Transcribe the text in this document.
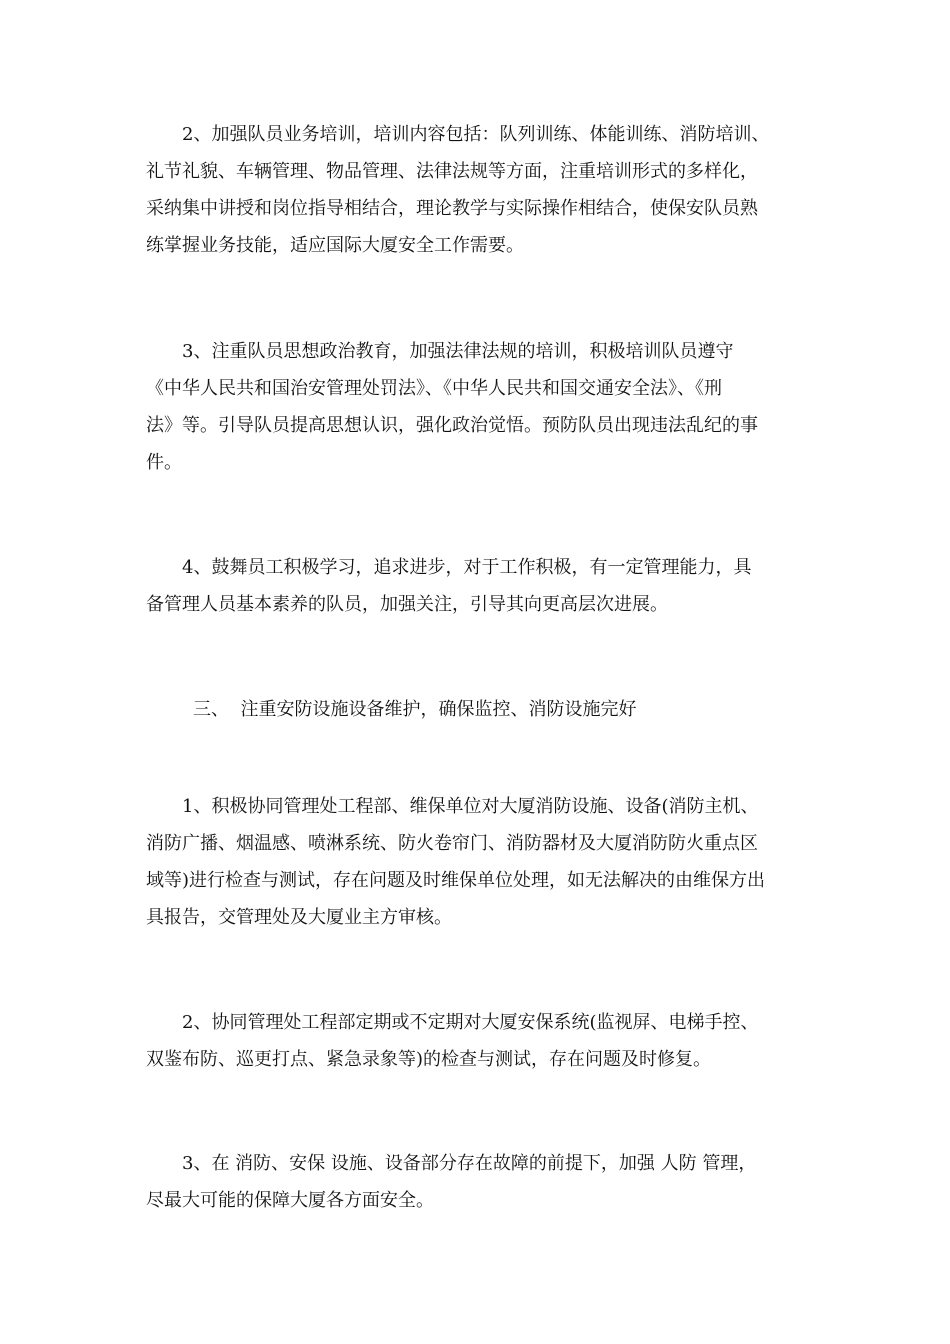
　　2、加强队员业务培训，培训内容包括：队列训练、体能训练、消防培训、
礼节礼貌、车辆管理、物品管理、法律法规等方面，注重培训形式的多样化，
采纳集中讲授和岗位指导相结合，理论教学与实际操作相结合，使保安队员熟
练掌握业务技能，适应国际大厦安全工作需要。
　　3、注重队员思想政治教育，加强法律法规的培训，积极培训队员遵守
《中华人民共和国治安管理处罚法》、《中华人民共和国交通安全法》、《刑
法》等。引导队员提高思想认识，强化政治觉悟。预防队员出现违法乱纪的事
件。
　　4、鼓舞员工积极学习，追求进步，对于工作积极，有一定管理能力，具
备管理人员基本素养的队员，加强关注，引导其向更高层次进展。
三、  注重安防设施设备维护，确保监控、消防设施完好
　　1、积极协同管理处工程部、维保单位对大厦消防设施、设备(消防主机、
消防广播、烟温感、喷淋系统、防火卷帘门、消防器材及大厦消防防火重点区
域等)进行检查与测试，存在问题及时维保单位处理，如无法解决的由维保方出
具报告，交管理处及大厦业主方审核。
　　2、协同管理处工程部定期或不定期对大厦安保系统(监视屏、电梯手控、
双鉴布防、巡更打点、紧急录象等)的检查与测试，存在问题及时修复。
　　3、在 消防、安保 设施、设备部分存在故障的前提下，加强 人防 管理，
尽最大可能的保障大厦各方面安全。
